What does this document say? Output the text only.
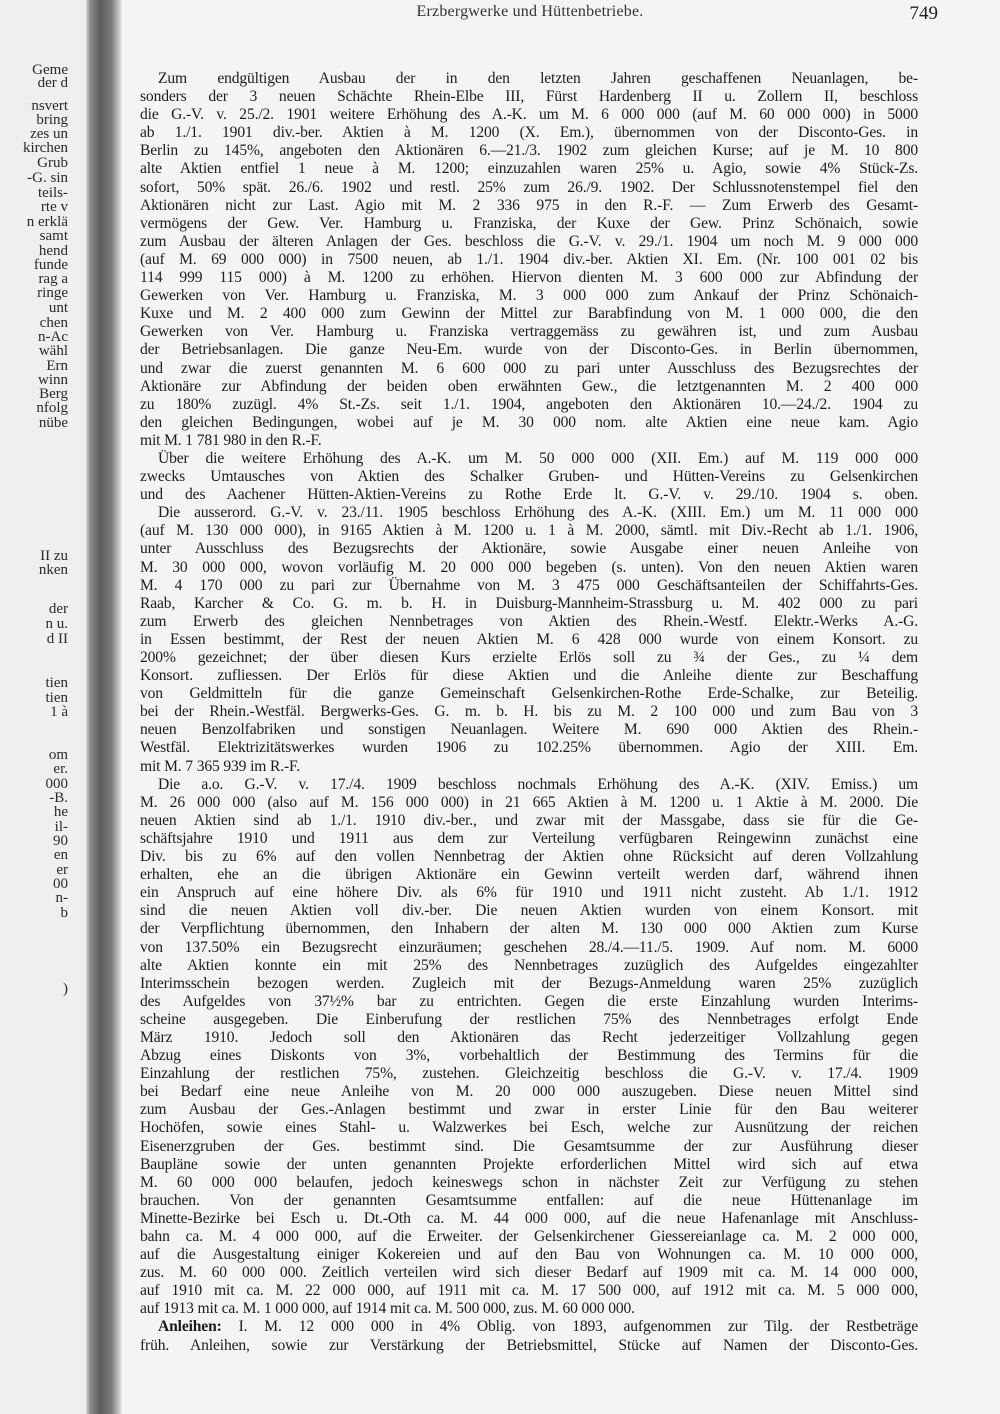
Geme
der d
nsvert
bring
zes un
kirchen
Grub
-G. sin
teils-
rte v
n erklä
samt
hend
funde
rag a
ringe
unt
chen
n-Ac
wähl
Ern
winn
Berg
nfolg
nübe
II zu
nken
der
n u.
d II
tien
tien
1 à
om
er.
000
-B.
he
il-
90
en
er
00
n-
b
)
Erzbergwerke und Hüttenbetriebe.	749
Zum endgültigen Ausbau der in den letzten Jahren geschaffenen Neuanlagen, be-
sonders der 3 neuen Schächte Rhein-Elbe III, Fürst Hardenberg II u. Zollern II, beschloss
die G.-V. v. 25./2. 1901 weitere Erhöhung des A.-K. um M. 6 000 000 (auf M. 60 000 000) in 5000
ab 1./1. 1901 div.-ber. Aktien à M. 1200 (X. Em.), übernommen von der Disconto-Ges. in
Berlin zu 145%, angeboten den Aktionären 6.—21./3. 1902 zum gleichen Kurse; auf je M. 10 800
alte Aktien entfiel 1 neue à M. 1200; einzuzahlen waren 25% u. Agio, sowie 4% Stück-Zs.
sofort, 50% spät. 26./6. 1902 und restl. 25% zum 26./9. 1902. Der Schlussnotenstempel fiel den
Aktionären nicht zur Last. Agio mit M. 2 336 975 in den R.-F. — Zum Erwerb des Gesamt-
vermögens der Gew. Ver. Hamburg u. Franziska, der Kuxe der Gew. Prinz Schönaich, sowie
zum Ausbau der älteren Anlagen der Ges. beschloss die G.-V. v. 29./1. 1904 um noch M. 9 000 000
(auf M. 69 000 000) in 7500 neuen, ab 1./1. 1904 div.-ber. Aktien XI. Em. (Nr. 100 001 02 bis
114 999 115 000) à M. 1200 zu erhöhen. Hiervon dienten M. 3 600 000 zur Abfindung der
Gewerken von Ver. Hamburg u. Franziska, M. 3 000 000 zum Ankauf der Prinz Schönaich-
Kuxe und M. 2 400 000 zum Gewinn der Mittel zur Barabfindung von M. 1 000 000, die den
Gewerken von Ver. Hamburg u. Franziska vertraggemäss zu gewähren ist, und zum Ausbau
der Betriebsanlagen. Die ganze Neu-Em. wurde von der Disconto-Ges. in Berlin übernommen,
und zwar die zuerst genannten M. 6 600 000 zu pari unter Ausschluss des Bezugsrechtes der
Aktionäre zur Abfindung der beiden oben erwähnten Gew., die letztgenannten M. 2 400 000
zu 180% zuzügl. 4% St.-Zs. seit 1./1. 1904, angeboten den Aktionären 10.—24./2. 1904 zu
den gleichen Bedingungen, wobei auf je M. 30 000 nom. alte Aktien eine neue kam. Agio
mit M. 1 781 980 in den R.-F.
Über die weitere Erhöhung des A.-K. um M. 50 000 000 (XII. Em.) auf M. 119 000 000
zwecks Umtausches von Aktien des Schalker Gruben- und Hütten-Vereins zu Gelsenkirchen
und des Aachener Hütten-Aktien-Vereins zu Rothe Erde lt. G.-V. v. 29./10. 1904 s. oben.
Die ausserord. G.-V. v. 23./11. 1905 beschloss Erhöhung des A.-K. (XIII. Em.) um M. 11 000 000
(auf M. 130 000 000), in 9165 Aktien à M. 1200 u. 1 à M. 2000, sämtl. mit Div.-Recht ab 1./1. 1906,
unter Ausschluss des Bezugsrechts der Aktionäre, sowie Ausgabe einer neuen Anleihe von
M. 30 000 000, wovon vorläufig M. 20 000 000 begeben (s. unten). Von den neuen Aktien waren
M. 4 170 000 zu pari zur Übernahme von M. 3 475 000 Geschäftsanteilen der Schiffahrts-Ges.
Raab, Karcher & Co. G. m. b. H. in Duisburg-Mannheim-Strassburg u. M. 402 000 zu pari
zum Erwerb des gleichen Nennbetrages von Aktien des Rhein.-Westf. Elektr.-Werks A.-G.
in Essen bestimmt, der Rest der neuen Aktien M. 6 428 000 wurde von einem Konsort. zu
200% gezeichnet; der über diesen Kurs erzielte Erlös soll zu ¾ der Ges., zu ¼ dem
Konsort. zufliessen. Der Erlös für diese Aktien und die Anleihe diente zur Beschaffung
von Geldmitteln für die ganze Gemeinschaft Gelsenkirchen-Rothe Erde-Schalke, zur Beteilig.
bei der Rhein.-Westfäl. Bergwerks-Ges. G. m. b. H. bis zu M. 2 100 000 und zum Bau von 3
neuen Benzolfabriken und sonstigen Neuanlagen. Weitere M. 690 000 Aktien des Rhein.-
Westfäl. Elektrizitätswerkes wurden 1906 zu 102.25% übernommen. Agio der XIII. Em.
mit M. 7 365 939 im R.-F.
Die a.o. G.-V. v. 17./4. 1909 beschloss nochmals Erhöhung des A.-K. (XIV. Emiss.) um
M. 26 000 000 (also auf M. 156 000 000) in 21 665 Aktien à M. 1200 u. 1 Aktie à M. 2000. Die
neuen Aktien sind ab 1./1. 1910 div.-ber., und zwar mit der Massgabe, dass sie für die Ge-
schäftsjahre 1910 und 1911 aus dem zur Verteilung verfügbaren Reingewinn zunächst eine
Div. bis zu 6% auf den vollen Nennbetrag der Aktien ohne Rücksicht auf deren Vollzahlung
erhalten, ehe an die übrigen Aktionäre ein Gewinn verteilt werden darf, während ihnen
ein Anspruch auf eine höhere Div. als 6% für 1910 und 1911 nicht zusteht. Ab 1./1. 1912
sind die neuen Aktien voll div.-ber. Die neuen Aktien wurden von einem Konsort. mit
der Verpflichtung übernommen, den Inhabern der alten M. 130 000 000 Aktien zum Kurse
von 137.50% ein Bezugsrecht einzuräumen; geschehen 28./4.—11./5. 1909. Auf nom. M. 6000
alte Aktien konnte ein mit 25% des Nennbetrages zuzüglich des Aufgeldes eingezahlter
Interimsschein bezogen werden. Zugleich mit der Bezugs-Anmeldung waren 25% zuzüglich
des Aufgeldes von 37½% bar zu entrichten. Gegen die erste Einzahlung wurden Interims-
scheine ausgegeben. Die Einberufung der restlichen 75% des Nennbetrages erfolgt Ende
März 1910. Jedoch soll den Aktionären das Recht jederzeitiger Vollzahlung gegen
Abzug eines Diskonts von 3%, vorbehaltlich der Bestimmung des Termins für die
Einzahlung der restlichen 75%, zustehen. Gleichzeitig beschloss die G.-V. v. 17./4. 1909
bei Bedarf eine neue Anleihe von M. 20 000 000 auszugeben. Diese neuen Mittel sind
zum Ausbau der Ges.-Anlagen bestimmt und zwar in erster Linie für den Bau weiterer
Hochöfen, sowie eines Stahl- u. Walzwerkes bei Esch, welche zur Ausnützung der reichen
Eisenerzgruben der Ges. bestimmt sind. Die Gesamtsumme der zur Ausführung dieser
Baupläne sowie der unten genannten Projekte erforderlichen Mittel wird sich auf etwa
M. 60 000 000 belaufen, jedoch keineswegs schon in nächster Zeit zur Verfügung zu stehen
brauchen. Von der genannten Gesamtsumme entfallen: auf die neue Hüttenanlage im
Minette-Bezirke bei Esch u. Dt.-Oth ca. M. 44 000 000, auf die neue Hafenanlage mit Anschluss-
bahn ca. M. 4 000 000, auf die Erweiter. der Gelsenkirchener Giessereianlage ca. M. 2 000 000,
auf die Ausgestaltung einiger Kokereien und auf den Bau von Wohnungen ca. M. 10 000 000,
zus. M. 60 000 000. Zeitlich verteilen wird sich dieser Bedarf auf 1909 mit ca. M. 14 000 000,
auf 1910 mit ca. M. 22 000 000, auf 1911 mit ca. M. 17 500 000, auf 1912 mit ca. M. 5 000 000,
auf 1913 mit ca. M. 1 000 000, auf 1914 mit ca. M. 500 000, zus. M. 60 000 000.
Anleihen: I. M. 12 000 000 in 4% Oblig. von 1893, aufgenommen zur Tilg. der Restbeträge
früh. Anleihen, sowie zur Verstärkung der Betriebsmittel, Stücke auf Namen der Disconto-Ges.
